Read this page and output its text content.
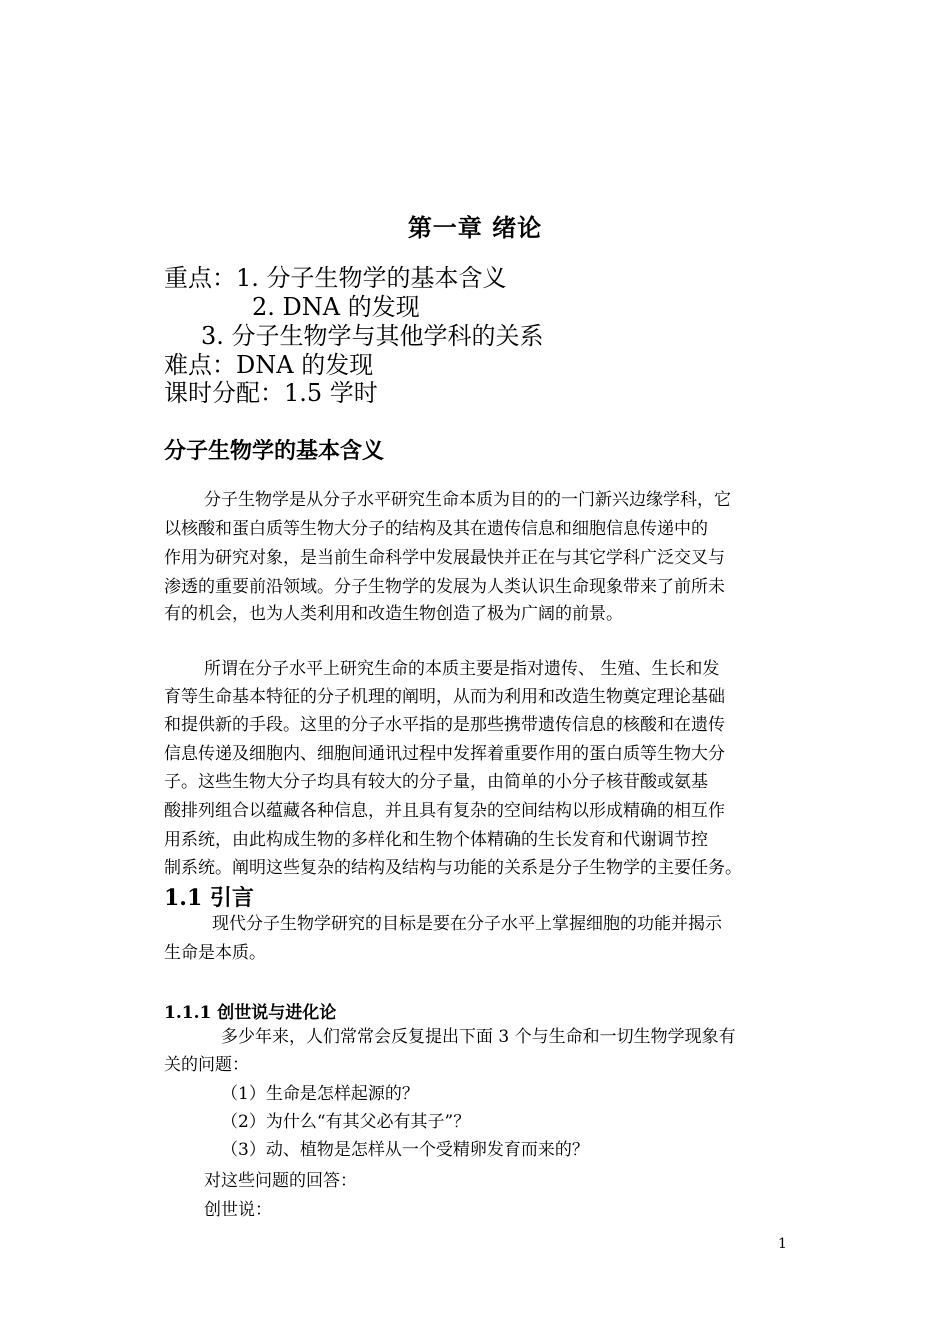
第一章 绪论
重点：1. 分子生物学的基本含义
2. DNA 的发现
3. 分子生物学与其他学科的关系
难点：DNA 的发现
课时分配：1.5 学时
分子生物学的基本含义
分子生物学是从分子水平研究生命本质为目的的一门新兴边缘学科，它
以核酸和蛋白质等生物大分子的结构及其在遗传信息和细胞信息传递中的
作用为研究对象，是当前生命科学中发展最快并正在与其它学科广泛交叉与
渗透的重要前沿领域。分子生物学的发展为人类认识生命现象带来了前所未
有的机会，也为人类利用和改造生物创造了极为广阔的前景。
所谓在分子水平上研究生命的本质主要是指对遗传、 生殖、生长和发
育等生命基本特征的分子机理的阐明，从而为利用和改造生物奠定理论基础
和提供新的手段。这里的分子水平指的是那些携带遗传信息的核酸和在遗传
信息传递及细胞内、细胞间通讯过程中发挥着重要作用的蛋白质等生物大分
子。这些生物大分子均具有较大的分子量，由简单的小分子核苷酸或氨基
酸排列组合以蕴藏各种信息，并且具有复杂的空间结构以形成精确的相互作
用系统，由此构成生物的多样化和生物个体精确的生长发育和代谢调节控
制系统。阐明这些复杂的结构及结构与功能的关系是分子生物学的主要任务。
1.1 引言
现代分子生物学研究的目标是要在分子水平上掌握细胞的功能并揭示
生命是本质。
1.1.1 创世说与进化论
多少年来，人们常常会反复提出下面 3 个与生命和一切生物学现象有
关的问题：
（1）生命是怎样起源的？
（2）为什么“有其父必有其子”？
（3）动、植物是怎样从一个受精卵发育而来的？
对这些问题的回答：
创世说：
1
